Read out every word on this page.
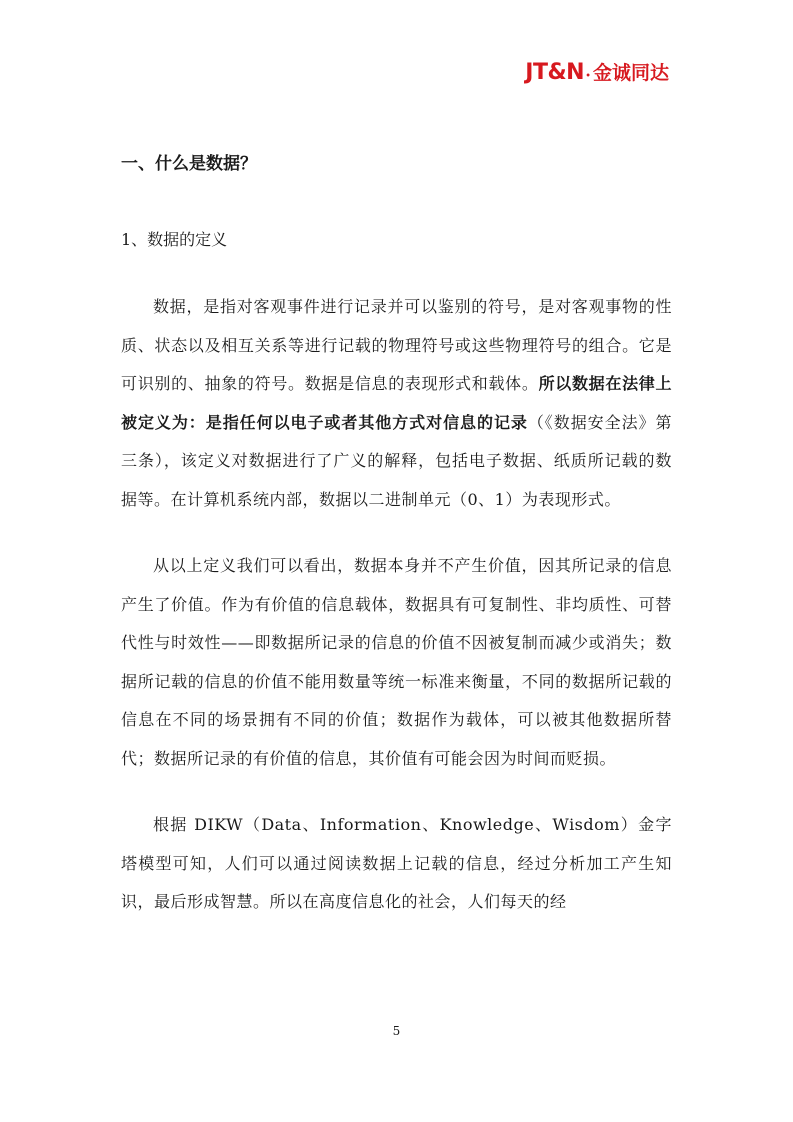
$JT\&N_•$ 金诚同达
一、什么是数据？
1、数据的定义

数据，是指对客观事件进行记录并可以鉴别的符号，是对客观事物的性质、状态以及相互关系等进行记载的物理符号或这些物理符号的组合。它是可识别的、抽象的符号。数据是信息的表现形式和载体。所以数据在法律上被定义为：是指任何以电子或者其他方式对信息的记录（《数据安全法》第三条），该定义对数据进行了广义的解释，包括电子数据、纸质所记载的数据等。在计算机系统内部，数据以二进制单元（0、1）为表现形式。

从以上定义我们可以看出，数据本身并不产生价值，因其所记录的信息产生了价值。作为有价值的信息载体，数据具有可复制性、非均质性、可替代性与时效性——即数据所记录的信息的价值不因被复制而减少或消失；数据所记载的信息的价值不能用数量等统一标准来衡量，不同的数据所记载的信息在不同的场景拥有不同的价值；数据作为载体，可以被其他数据所替代；数据所记录的有价值的信息，其价值有可能会因为时间而贬损。

根据 DIKW（Data、Information、Knowledge、Wisdom）金字塔模型可知，人们可以通过阅读数据上记载的信息，经过分析加工产生知识，最后形成智慧。所以在高度信息化的社会，人们每天的经

5
